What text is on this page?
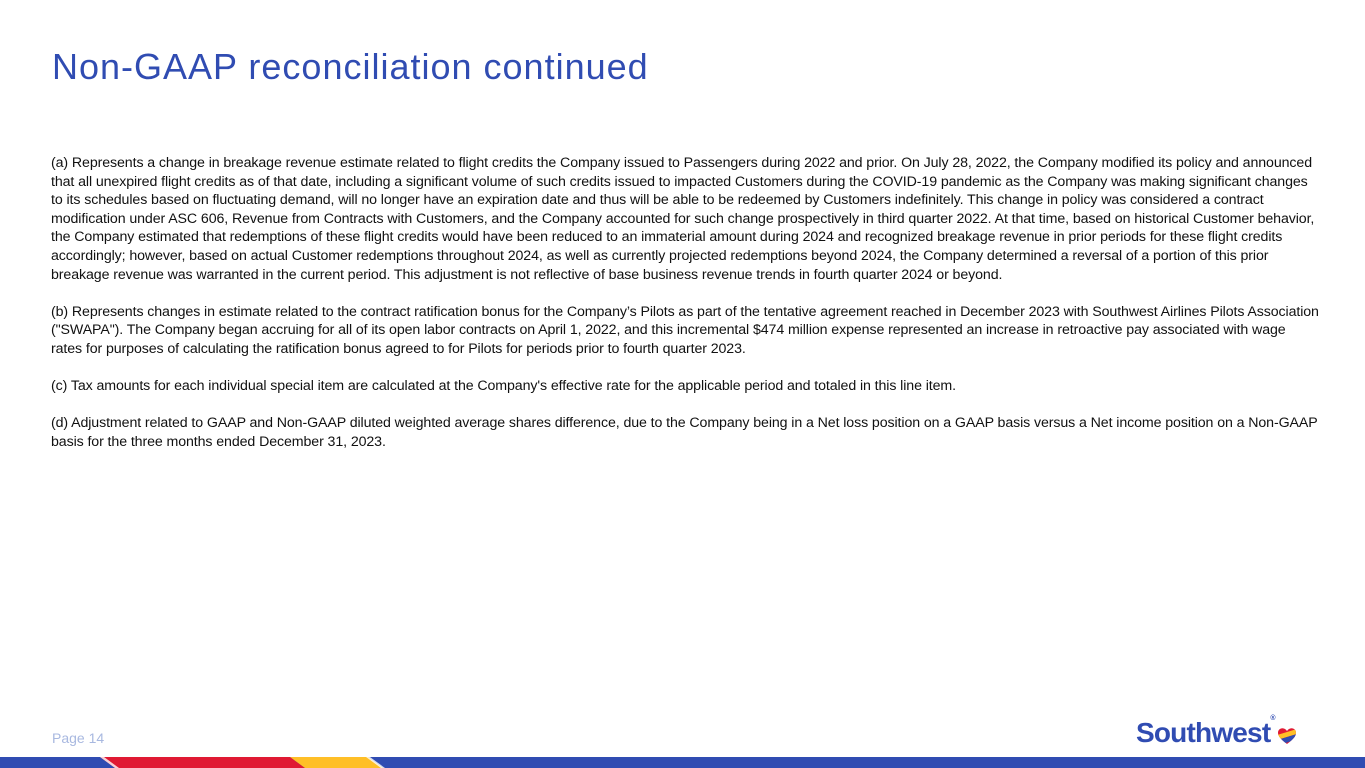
Non-GAAP reconciliation continued

(a) Represents a change in breakage revenue estimate related to flight credits the Company issued to Passengers during 2022 and prior. On July 28, 2022, the Company modified its policy and announced that all unexpired flight credits as of that date, including a significant volume of such credits issued to impacted Customers during the COVID-19 pandemic as the Company was making significant changes to its schedules based on fluctuating demand, will no longer have an expiration date and thus will be able to be redeemed by Customers indefinitely. This change in policy was considered a contract modification under ASC 606, Revenue from Contracts with Customers, and the Company accounted for such change prospectively in third quarter 2022. At that time, based on historical Customer behavior, the Company estimated that redemptions of these flight credits would have been reduced to an immaterial amount during 2024 and recognized breakage revenue in prior periods for these flight credits accordingly; however, based on actual Customer redemptions throughout 2024, as well as currently projected redemptions beyond 2024, the Company determined a reversal of a portion of this prior breakage revenue was warranted in the current period. This adjustment is not reflective of base business revenue trends in fourth quarter 2024 or beyond.

(b) Represents changes in estimate related to the contract ratification bonus for the Company’s Pilots as part of the tentative agreement reached in December 2023 with Southwest Airlines Pilots Association ("SWAPA"). The Company began accruing for all of its open labor contracts on April 1, 2022, and this incremental $474 million expense represented an increase in retroactive pay associated with wage rates for purposes of calculating the ratification bonus agreed to for Pilots for periods prior to fourth quarter 2023.

(c) Tax amounts for each individual special item are calculated at the Company's effective rate for the applicable period and totaled in this line item.

(d) Adjustment related to GAAP and Non-GAAP diluted weighted average shares difference, due to the Company being in a Net loss position on a GAAP basis versus a Net income position on a Non-GAAP basis for the three months ended December 31, 2023.

Page 14	Southwest®
